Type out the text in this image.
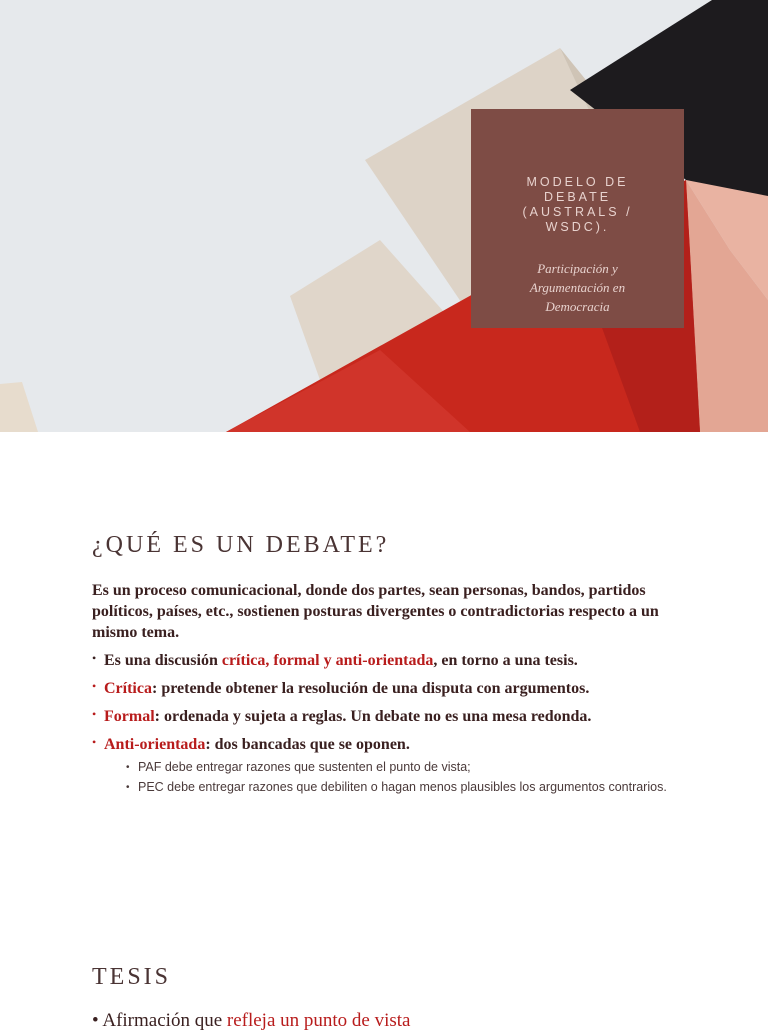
MODELO DE DEBATE (AUSTRALS / WSDC).
Participación y Argumentación en Democracia
¿QUÉ ES UN DEBATE?

Es un proceso comunicacional, donde dos partes, sean personas, bandos, partidos políticos, países, etc., sostienen posturas divergentes o contradictorias respecto a un mismo tema.

• Es una discusión crítica, formal y anti-orientada, en torno a una tesis.
• Crítica: pretende obtener la resolución de una disputa con argumentos.
• Formal: ordenada y sujeta a reglas. Un debate no es una mesa redonda.
• Anti-orientada: dos bancadas que se oponen.
• PAF debe entregar razones que sustenten el punto de vista;
• PEC debe entregar razones que debiliten o hagan menos plausibles los argumentos contrarios.
TESIS
• Afirmación que refleja un punto de vista
